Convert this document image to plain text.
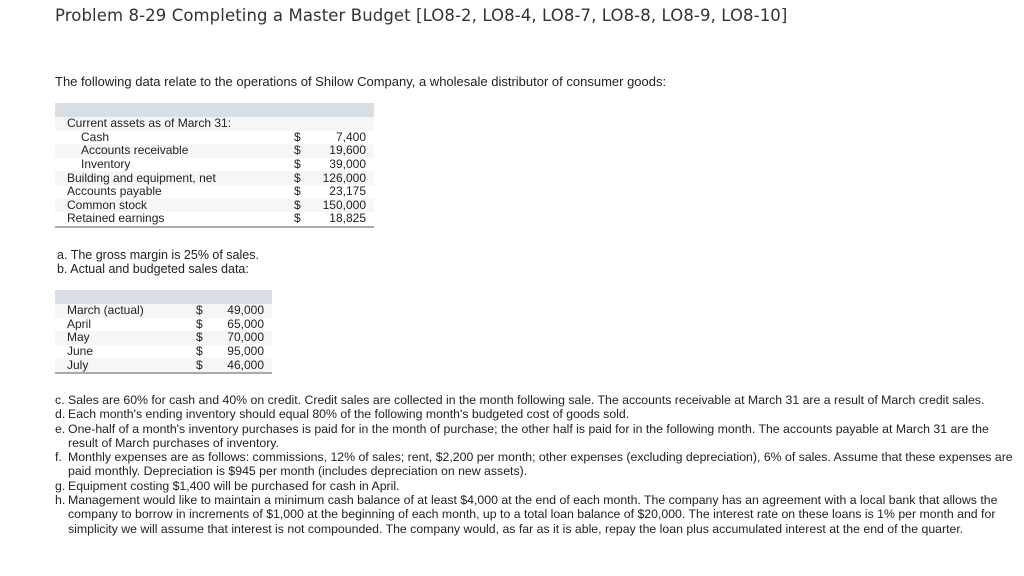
Problem 8-29 Completing a Master Budget [LO8-2, LO8-4, LO8-7, LO8-8, LO8-9, LO8-10]
The following data relate to the operations of Shilow Company, a wholesale distributor of consumer goods:

Current assets as of March 31:		
Cash	$	7,400
Accounts receivable	$	19,600
Inventory	$	39,000
Building and equipment, net	$	126,000
Accounts payable	$	23,175
Common stock	$	150,000
Retained earnings	$	18,825
a. The gross margin is 25% of sales.
b. Actual and budgeted sales data:

March (actual)	$	49,000
April	$	65,000
May	$	70,000
June	$	95,000
July	$	46,000
c. Sales are 60% for cash and 40% on credit. Credit sales are collected in the month following sale. The accounts receivable at March 31 are a result of March credit sales.
d. Each month's ending inventory should equal 80% of the following month's budgeted cost of goods sold.
e. One-half of a month's inventory purchases is paid for in the month of purchase; the other half is paid for in the following month. The accounts payable at March 31 are the result of March purchases of inventory.
f. Monthly expenses are as follows: commissions, 12% of sales; rent, $2,200 per month; other expenses (excluding depreciation), 6% of sales. Assume that these expenses are paid monthly. Depreciation is $945 per month (includes depreciation on new assets).
g. Equipment costing $1,400 will be purchased for cash in April.
h. Management would like to maintain a minimum cash balance of at least $4,000 at the end of each month. The company has an agreement with a local bank that allows the company to borrow in increments of $1,000 at the beginning of each month, up to a total loan balance of $20,000. The interest rate on these loans is 1% per month and for simplicity we will assume that interest is not compounded. The company would, as far as it is able, repay the loan plus accumulated interest at the end of the quarter.
